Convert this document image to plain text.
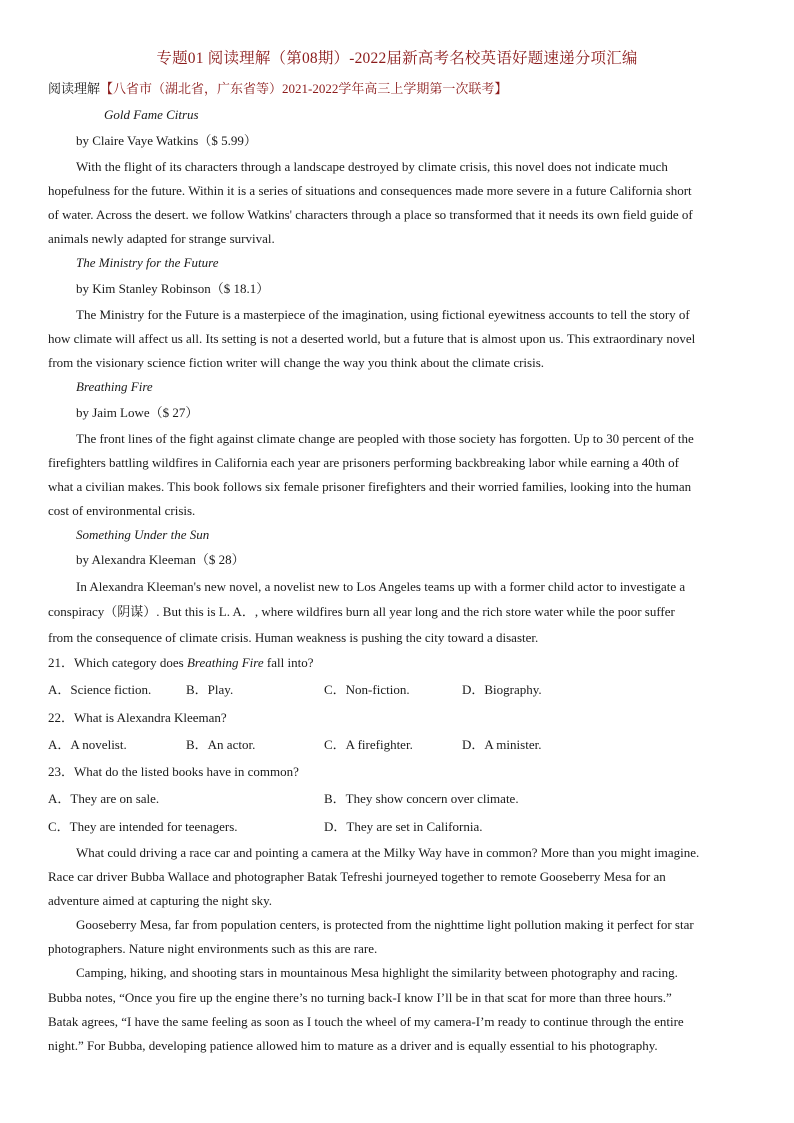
专题01 阅读理解（第08期）-2022届新高考名校英语好题速递分项汇编
阅读理解【八省市（湖北省，广东省等）2021-2022学年高三上学期第一次联考】
Gold Fame Citrus
by Claire Vaye Watkins（$ 5.99）
With the flight of its characters through a landscape destroyed by climate crisis, this novel does not indicate much
hopefulness for the future. Within it is a series of situations and consequences made more severe in a future California short
of water. Across the desert. we follow Watkins' characters through a place so transformed that it needs its own field guide of
animals newly adapted for strange survival.
The Ministry for the Future
by Kim Stanley Robinson（$ 18.1）
The Ministry for the Future is a masterpiece of the imagination, using fictional eyewitness accounts to tell the story of
how climate will affect us all. Its setting is not a deserted world, but a future that is almost upon us. This extraordinary novel
from the visionary science fiction writer will change the way you think about the climate crisis.
Breathing Fire
by Jaim Lowe（$ 27）
The front lines of the fight against climate change are peopled with those society has forgotten. Up to 30 percent of the
firefighters battling wildfires in California each year are prisoners performing backbreaking labor while earning a 40th of
what a civilian makes. This book follows six female prisoner firefighters and their worried families, looking into the human
cost of environmental crisis.
Something Under the Sun
by Alexandra Kleeman（$ 28）
In Alexandra Kleeman's new novel, a novelist new to Los Angeles teams up with a former child actor to investigate a
conspiracy（阴谋）. But this is L. A．, where wildfires burn all year long and the rich store water while the poor suffer
from the consequence of climate crisis. Human weakness is pushing the city toward a disaster.
21．Which category does Breathing Fire fall into?
A．Science fiction.	B．Play.	C．Non-fiction.	D．Biography.
22．What is Alexandra Kleeman?
A．A novelist.	B．An actor.	C．A firefighter.	D．A minister.
23．What do the listed books have in common?
A．They are on sale.	B．They show concern over climate.
C．They are intended for teenagers.	D．They are set in California.
What could driving a race car and pointing a camera at the Milky Way have in common? More than you might imagine.
Race car driver Bubba Wallace and photographer Batak Tefreshi journeyed together to remote Gooseberry Mesa for an
adventure aimed at capturing the night sky.
Gooseberry Mesa, far from population centers, is protected from the nighttime light pollution making it perfect for star
photographers. Nature night environments such as this are rare.
Camping, hiking, and shooting stars in mountainous Mesa highlight the similarity between photography and racing.
Bubba notes, “Once you fire up the engine there’s no turning back-I know I’ll be in that scat for more than three hours.”
Batak agrees, “I have the same feeling as soon as I touch the wheel of my camera-I’m ready to continue through the entire
night.” For Bubba, developing patience allowed him to mature as a driver and is equally essential to his photography.
